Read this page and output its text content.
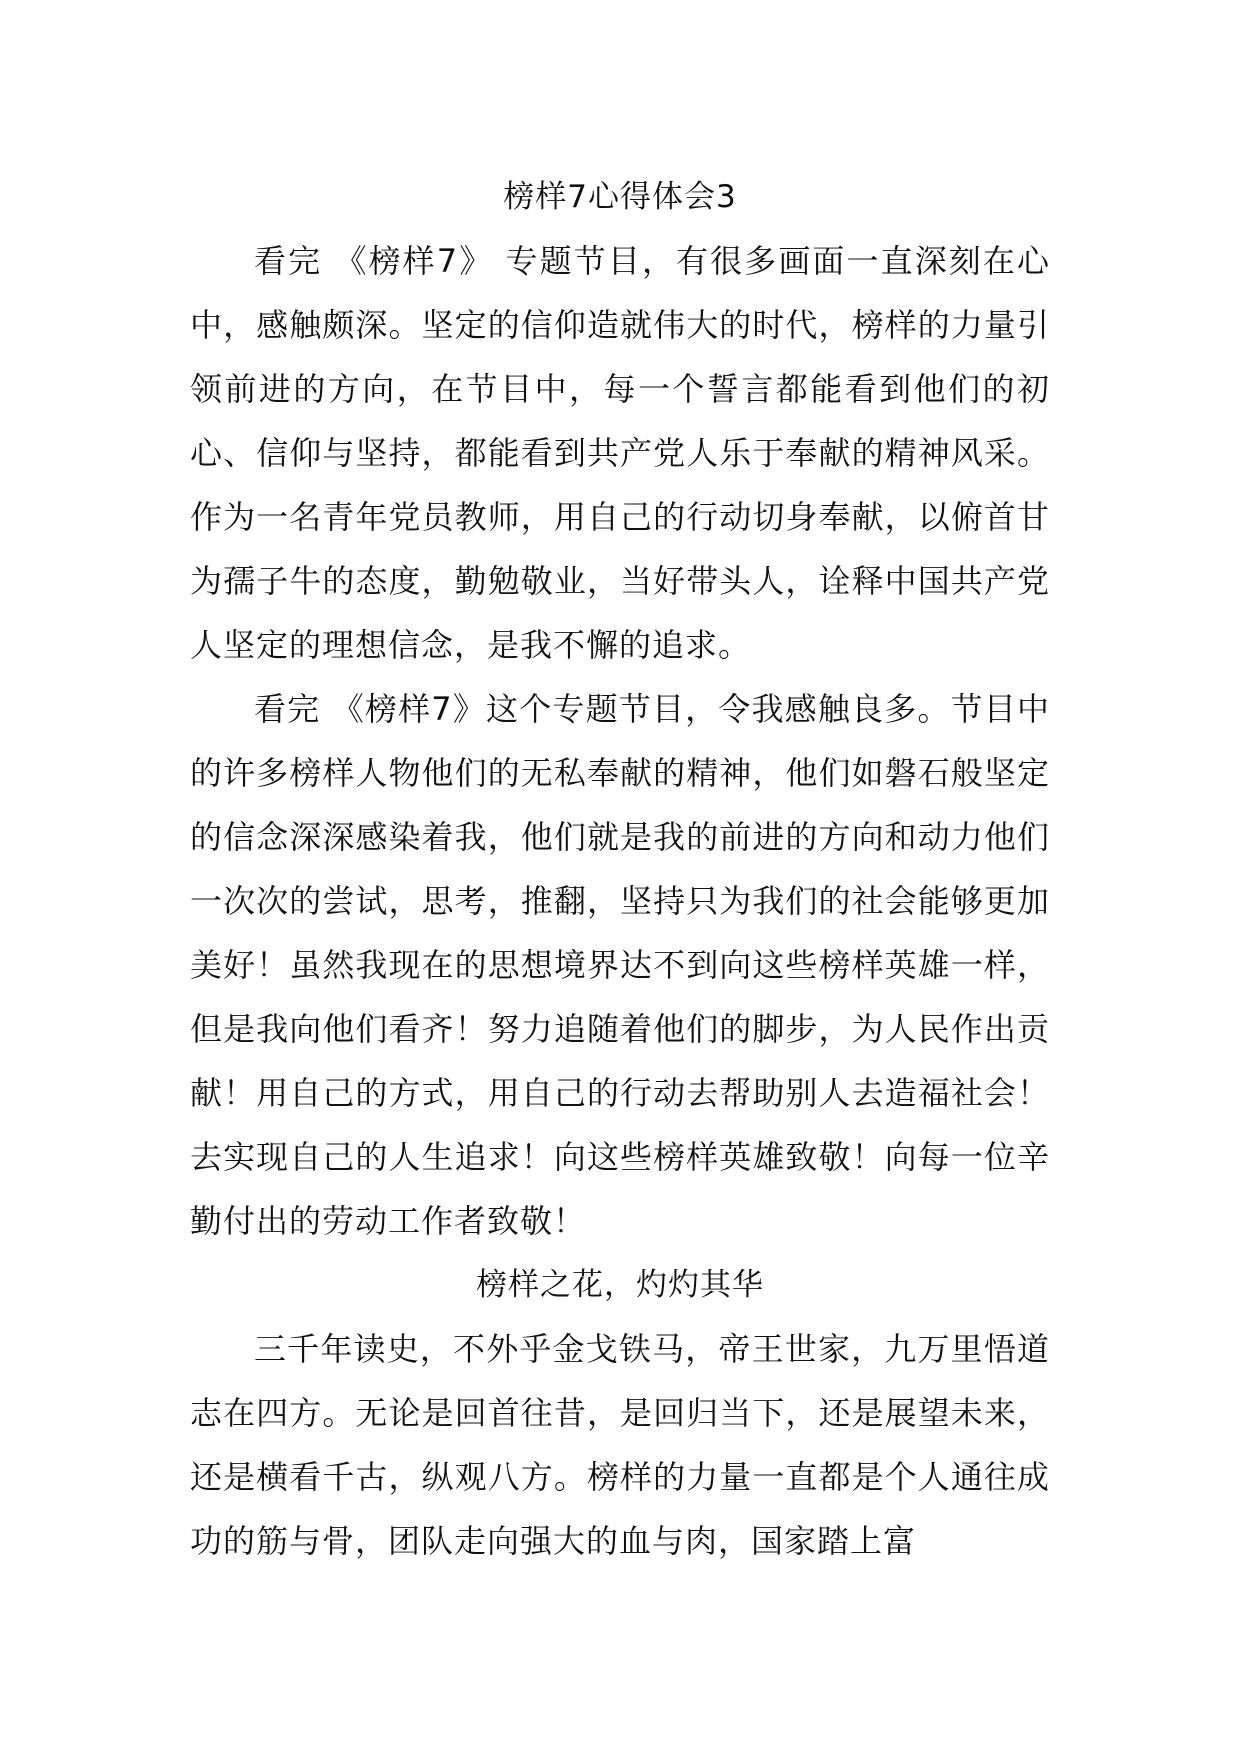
榜样7心得体会3

看完 《榜样7》 专题节目，有很多画面一直深刻在心中，感触颇深。坚定的信仰造就伟大的时代，榜样的力量引领前进的方向，在节目中，每一个誓言都能看到他们的初心、信仰与坚持，都能看到共产党人乐于奉献的精神风采。作为一名青年党员教师，用自己的行动切身奉献，以俯首甘为孺子牛的态度，勤勉敬业，当好带头人，诠释中国共产党人坚定的理想信念，是我不懈的追求。

看完 《榜样7》这个专题节目，令我感触良多。节目中的许多榜样人物他们的无私奉献的精神，他们如磐石般坚定的信念深深感染着我，他们就是我的前进的方向和动力他们一次次的尝试，思考，推翻，坚持只为我们的社会能够更加美好！虽然我现在的思想境界达不到向这些榜样英雄一样，但是我向他们看齐！努力追随着他们的脚步，为人民作出贡献！用自己的方式，用自己的行动去帮助别人去造福社会！去实现自己的人生追求！向这些榜样英雄致敬！向每一位辛勤付出的劳动工作者致敬！

榜样之花，灼灼其华

三千年读史，不外乎金戈铁马，帝王世家，九万里悟道志在四方。无论是回首往昔，是回归当下，还是展望未来，还是横看千古，纵观八方。榜样的力量一直都是个人通往成功的筋与骨，团队走向强大的血与肉，国家踏上富
